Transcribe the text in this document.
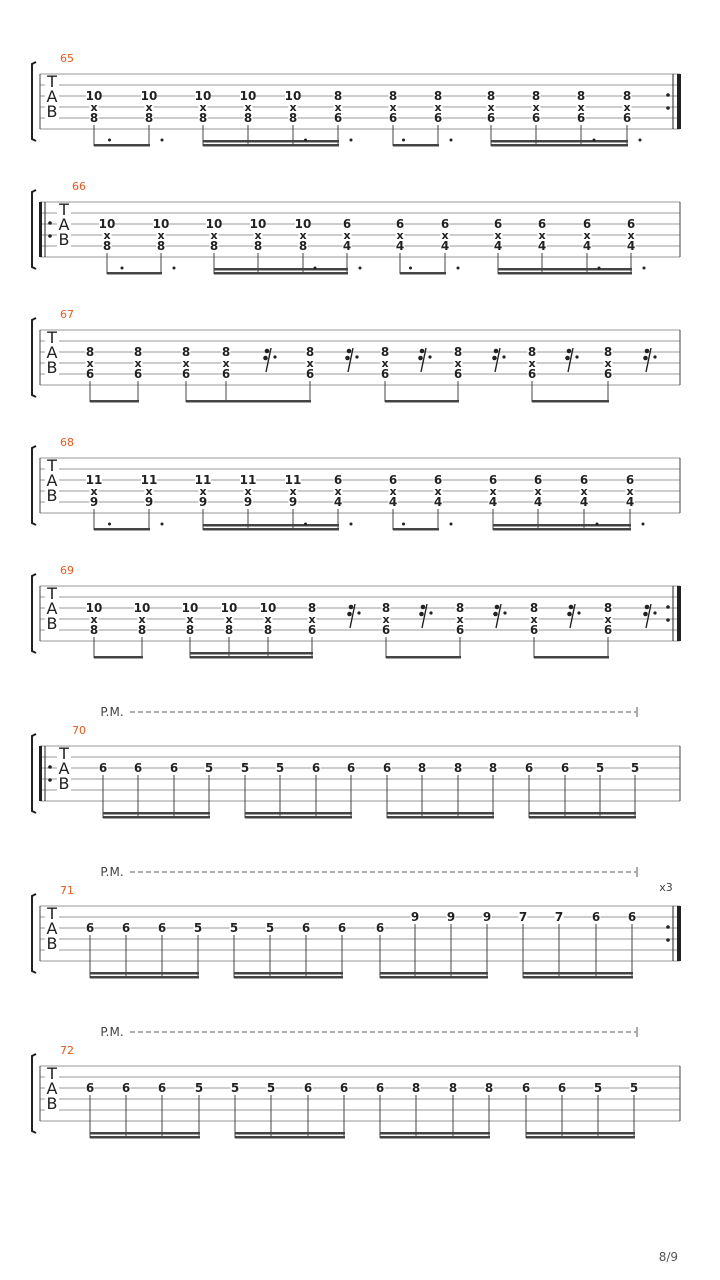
T
A
B
65
10
x
8
10
x
8
10
x
8
10
x
8
10
x
8
8
x
6
8
x
6
8
x
6
8
x
6
8
x
6
8
x
6
8
x
6
T
A
B
66
10
x
8
10
x
8
10
x
8
10
x
8
10
x
8
6
x
4
6
x
4
6
x
4
6
x
4
6
x
4
6
x
4
6
x
4
T
A
B
67
8
x
6
8
x
6
8
x
6
8
x
6
8
x
6
8
x
6
8
x
6
8
x
6
8
x
6
T
A
B
68
11
x
9
11
x
9
11
x
9
11
x
9
11
x
9
6
x
4
6
x
4
6
x
4
6
x
4
6
x
4
6
x
4
6
x
4
T
A
B
69
10
x
8
10
x
8
10
x
8
10
x
8
10
x
8
8
x
6
8
x
6
8
x
6
8
x
6
8
x
6
T
A
B
70
P.M.
6 6 6 5 5 5 6 6 6 8 8 8 6 6 5 5
T
A
B
71
P.M.
x3
6 6 6 5 5 5 6 6 6
9 9 9 7 7 6 6
T
A
B
72
P.M.
6 6 6 5 5 5 6 6 6 8 8 8 6 6 5 5
8/9
